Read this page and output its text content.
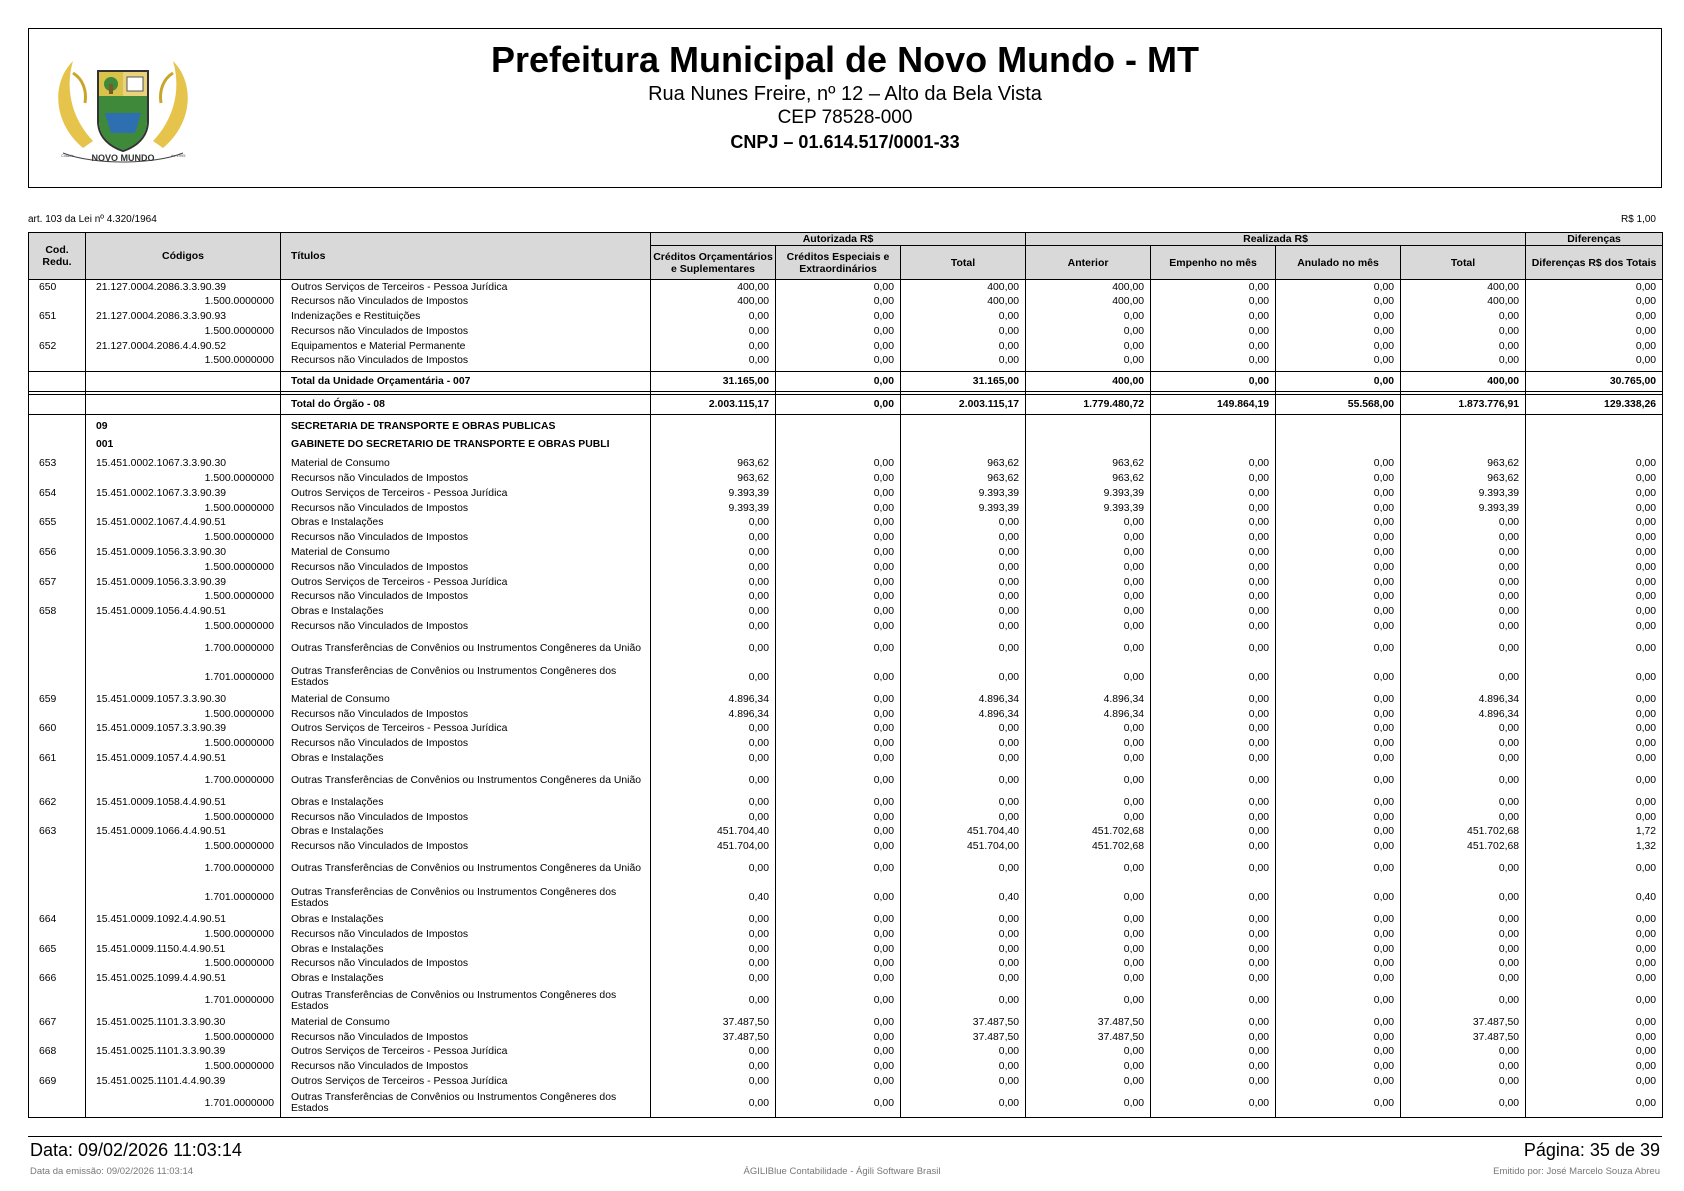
NOVO MUNDO
Cidade	de 1995
Prefeitura Municipal de Novo Mundo - MT
Rua Nunes Freire, nº 12 – Alto da Bela Vista
CEP 78528-000
CNPJ – 01.614.517/0001-33
art. 103 da Lei nº 4.320/1964	R$ 1,00
Cod. Redu.	Códigos	Títulos	Autorizada R$			Realizada R$				Diferenças
			Créditos Orçamentários e Suplementares	Créditos Especiais e Extraordinários	Total	Anterior	Empenho no mês	Anulado no mês	Total	Diferenças R$ dos Totais
650	21.127.0004.2086.3.3.90.39	Outros Serviços de Terceiros - Pessoa Jurídica	400,00	0,00	400,00	400,00	0,00	0,00	400,00	0,00
	1.500.0000000	Recursos não Vinculados de Impostos	400,00	0,00	400,00	400,00	0,00	0,00	400,00	0,00
651	21.127.0004.2086.3.3.90.93	Indenizações e Restituições	0,00	0,00	0,00	0,00	0,00	0,00	0,00	0,00
	1.500.0000000	Recursos não Vinculados de Impostos	0,00	0,00	0,00	0,00	0,00	0,00	0,00	0,00
652	21.127.0004.2086.4.4.90.52	Equipamentos e Material Permanente	0,00	0,00	0,00	0,00	0,00	0,00	0,00	0,00
	1.500.0000000	Recursos não Vinculados de Impostos	0,00	0,00	0,00	0,00	0,00	0,00	0,00	0,00

		Total da Unidade Orçamentária - 007	31.165,00	0,00	31.165,00	400,00	0,00	0,00	400,00	30.765,00

		Total do Órgão - 08	2.003.115,17	0,00	2.003.115,17	1.779.480,72	149.864,19	55.568,00	1.873.776,91	129.338,26
	09	SECRETARIA DE TRANSPORTE E OBRAS PUBLICAS								
	001	GABINETE DO SECRETARIO DE TRANSPORTE E OBRAS PUBLI								
653	15.451.0002.1067.3.3.90.30	Material de Consumo	963,62	0,00	963,62	963,62	0,00	0,00	963,62	0,00
	1.500.0000000	Recursos não Vinculados de Impostos	963,62	0,00	963,62	963,62	0,00	0,00	963,62	0,00
654	15.451.0002.1067.3.3.90.39	Outros Serviços de Terceiros - Pessoa Jurídica	9.393,39	0,00	9.393,39	9.393,39	0,00	0,00	9.393,39	0,00
	1.500.0000000	Recursos não Vinculados de Impostos	9.393,39	0,00	9.393,39	9.393,39	0,00	0,00	9.393,39	0,00
655	15.451.0002.1067.4.4.90.51	Obras e Instalações	0,00	0,00	0,00	0,00	0,00	0,00	0,00	0,00
	1.500.0000000	Recursos não Vinculados de Impostos	0,00	0,00	0,00	0,00	0,00	0,00	0,00	0,00
656	15.451.0009.1056.3.3.90.30	Material de Consumo	0,00	0,00	0,00	0,00	0,00	0,00	0,00	0,00
	1.500.0000000	Recursos não Vinculados de Impostos	0,00	0,00	0,00	0,00	0,00	0,00	0,00	0,00
657	15.451.0009.1056.3.3.90.39	Outros Serviços de Terceiros - Pessoa Jurídica	0,00	0,00	0,00	0,00	0,00	0,00	0,00	0,00
	1.500.0000000	Recursos não Vinculados de Impostos	0,00	0,00	0,00	0,00	0,00	0,00	0,00	0,00
658	15.451.0009.1056.4.4.90.51	Obras e Instalações	0,00	0,00	0,00	0,00	0,00	0,00	0,00	0,00
	1.500.0000000	Recursos não Vinculados de Impostos	0,00	0,00	0,00	0,00	0,00	0,00	0,00	0,00
	1.700.0000000	Outras Transferências de Convênios ou Instrumentos Congêneres da União	0,00	0,00	0,00	0,00	0,00	0,00	0,00	0,00
	1.701.0000000	Outras Transferências de Convênios ou Instrumentos Congêneres dos Estados	0,00	0,00	0,00	0,00	0,00	0,00	0,00	0,00
659	15.451.0009.1057.3.3.90.30	Material de Consumo	4.896,34	0,00	4.896,34	4.896,34	0,00	0,00	4.896,34	0,00
	1.500.0000000	Recursos não Vinculados de Impostos	4.896,34	0,00	4.896,34	4.896,34	0,00	0,00	4.896,34	0,00
660	15.451.0009.1057.3.3.90.39	Outros Serviços de Terceiros - Pessoa Jurídica	0,00	0,00	0,00	0,00	0,00	0,00	0,00	0,00
	1.500.0000000	Recursos não Vinculados de Impostos	0,00	0,00	0,00	0,00	0,00	0,00	0,00	0,00
661	15.451.0009.1057.4.4.90.51	Obras e Instalações	0,00	0,00	0,00	0,00	0,00	0,00	0,00	0,00
	1.700.0000000	Outras Transferências de Convênios ou Instrumentos Congêneres da União	0,00	0,00	0,00	0,00	0,00	0,00	0,00	0,00
662	15.451.0009.1058.4.4.90.51	Obras e Instalações	0,00	0,00	0,00	0,00	0,00	0,00	0,00	0,00
	1.500.0000000	Recursos não Vinculados de Impostos	0,00	0,00	0,00	0,00	0,00	0,00	0,00	0,00
663	15.451.0009.1066.4.4.90.51	Obras e Instalações	451.704,40	0,00	451.704,40	451.702,68	0,00	0,00	451.702,68	1,72
	1.500.0000000	Recursos não Vinculados de Impostos	451.704,00	0,00	451.704,00	451.702,68	0,00	0,00	451.702,68	1,32
	1.700.0000000	Outras Transferências de Convênios ou Instrumentos Congêneres da União	0,00	0,00	0,00	0,00	0,00	0,00	0,00	0,00
	1.701.0000000	Outras Transferências de Convênios ou Instrumentos Congêneres dos Estados	0,40	0,00	0,40	0,00	0,00	0,00	0,00	0,40
664	15.451.0009.1092.4.4.90.51	Obras e Instalações	0,00	0,00	0,00	0,00	0,00	0,00	0,00	0,00
	1.500.0000000	Recursos não Vinculados de Impostos	0,00	0,00	0,00	0,00	0,00	0,00	0,00	0,00
665	15.451.0009.1150.4.4.90.51	Obras e Instalações	0,00	0,00	0,00	0,00	0,00	0,00	0,00	0,00
	1.500.0000000	Recursos não Vinculados de Impostos	0,00	0,00	0,00	0,00	0,00	0,00	0,00	0,00
666	15.451.0025.1099.4.4.90.51	Obras e Instalações	0,00	0,00	0,00	0,00	0,00	0,00	0,00	0,00
	1.701.0000000	Outras Transferências de Convênios ou Instrumentos Congêneres dos Estados	0,00	0,00	0,00	0,00	0,00	0,00	0,00	0,00
667	15.451.0025.1101.3.3.90.30	Material de Consumo	37.487,50	0,00	37.487,50	37.487,50	0,00	0,00	37.487,50	0,00
	1.500.0000000	Recursos não Vinculados de Impostos	37.487,50	0,00	37.487,50	37.487,50	0,00	0,00	37.487,50	0,00
668	15.451.0025.1101.3.3.90.39	Outros Serviços de Terceiros - Pessoa Jurídica	0,00	0,00	0,00	0,00	0,00	0,00	0,00	0,00
	1.500.0000000	Recursos não Vinculados de Impostos	0,00	0,00	0,00	0,00	0,00	0,00	0,00	0,00
669	15.451.0025.1101.4.4.90.39	Outros Serviços de Terceiros - Pessoa Jurídica	0,00	0,00	0,00	0,00	0,00	0,00	0,00	0,00
	1.701.0000000	Outras Transferências de Convênios ou Instrumentos Congêneres dos Estados	0,00	0,00	0,00	0,00	0,00	0,00	0,00	0,00
Data: 09/02/2026 11:03:14	Página: 35 de 39
Data da emissão: 09/02/2026 11:03:14	ÁGILIBlue Contabilidade - Ágili Software Brasil	Emitido por: José Marcelo Souza Abreu
